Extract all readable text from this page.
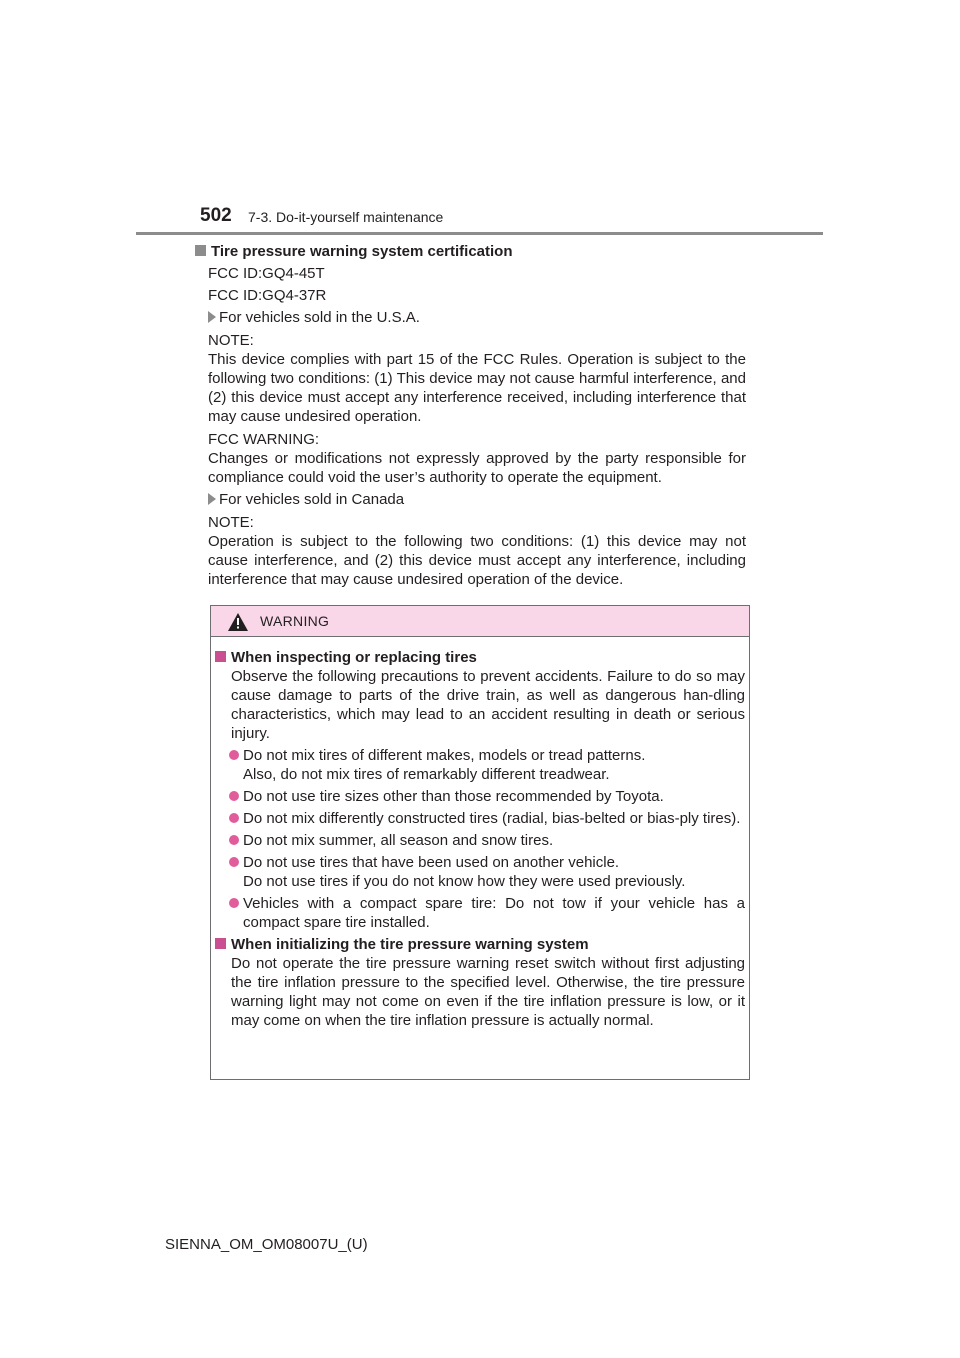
502 7-3. Do-it-yourself maintenance
Tire pressure warning system certification
FCC ID:GQ4-45T
FCC ID:GQ4-37R
For vehicles sold in the U.S.A.
NOTE:
This device complies with part 15 of the FCC Rules. Operation is subject to the following two conditions: (1) This device may not cause harmful interference, and (2) this device must accept any interference received, including interference that may cause undesired operation.
FCC WARNING:
Changes or modifications not expressly approved by the party responsible for compliance could void the user’s authority to operate the equipment.
For vehicles sold in Canada
NOTE:
Operation is subject to the following two conditions: (1) this device may not cause interference, and (2) this device must accept any interference, including interference that may cause undesired operation of the device.
WARNING
When inspecting or replacing tires
Observe the following precautions to prevent accidents. Failure to do so may cause damage to parts of the drive train, as well as dangerous han-dling characteristics, which may lead to an accident resulting in death or serious injury.
Do not mix tires of different makes, models or tread patterns.
Also, do not mix tires of remarkably different treadwear.
Do not use tire sizes other than those recommended by Toyota.
Do not mix differently constructed tires (radial, bias-belted or bias-ply tires).
Do not mix summer, all season and snow tires.
Do not use tires that have been used on another vehicle.
Do not use tires if you do not know how they were used previously.
Vehicles with a compact spare tire: Do not tow if your vehicle has a compact spare tire installed.
When initializing the tire pressure warning system
Do not operate the tire pressure warning reset switch without first adjusting the tire inflation pressure to the specified level. Otherwise, the tire pressure warning light may not come on even if the tire inflation pressure is low, or it may come on when the tire inflation pressure is actually normal.
SIENNA_OM_OM08007U_(U)
